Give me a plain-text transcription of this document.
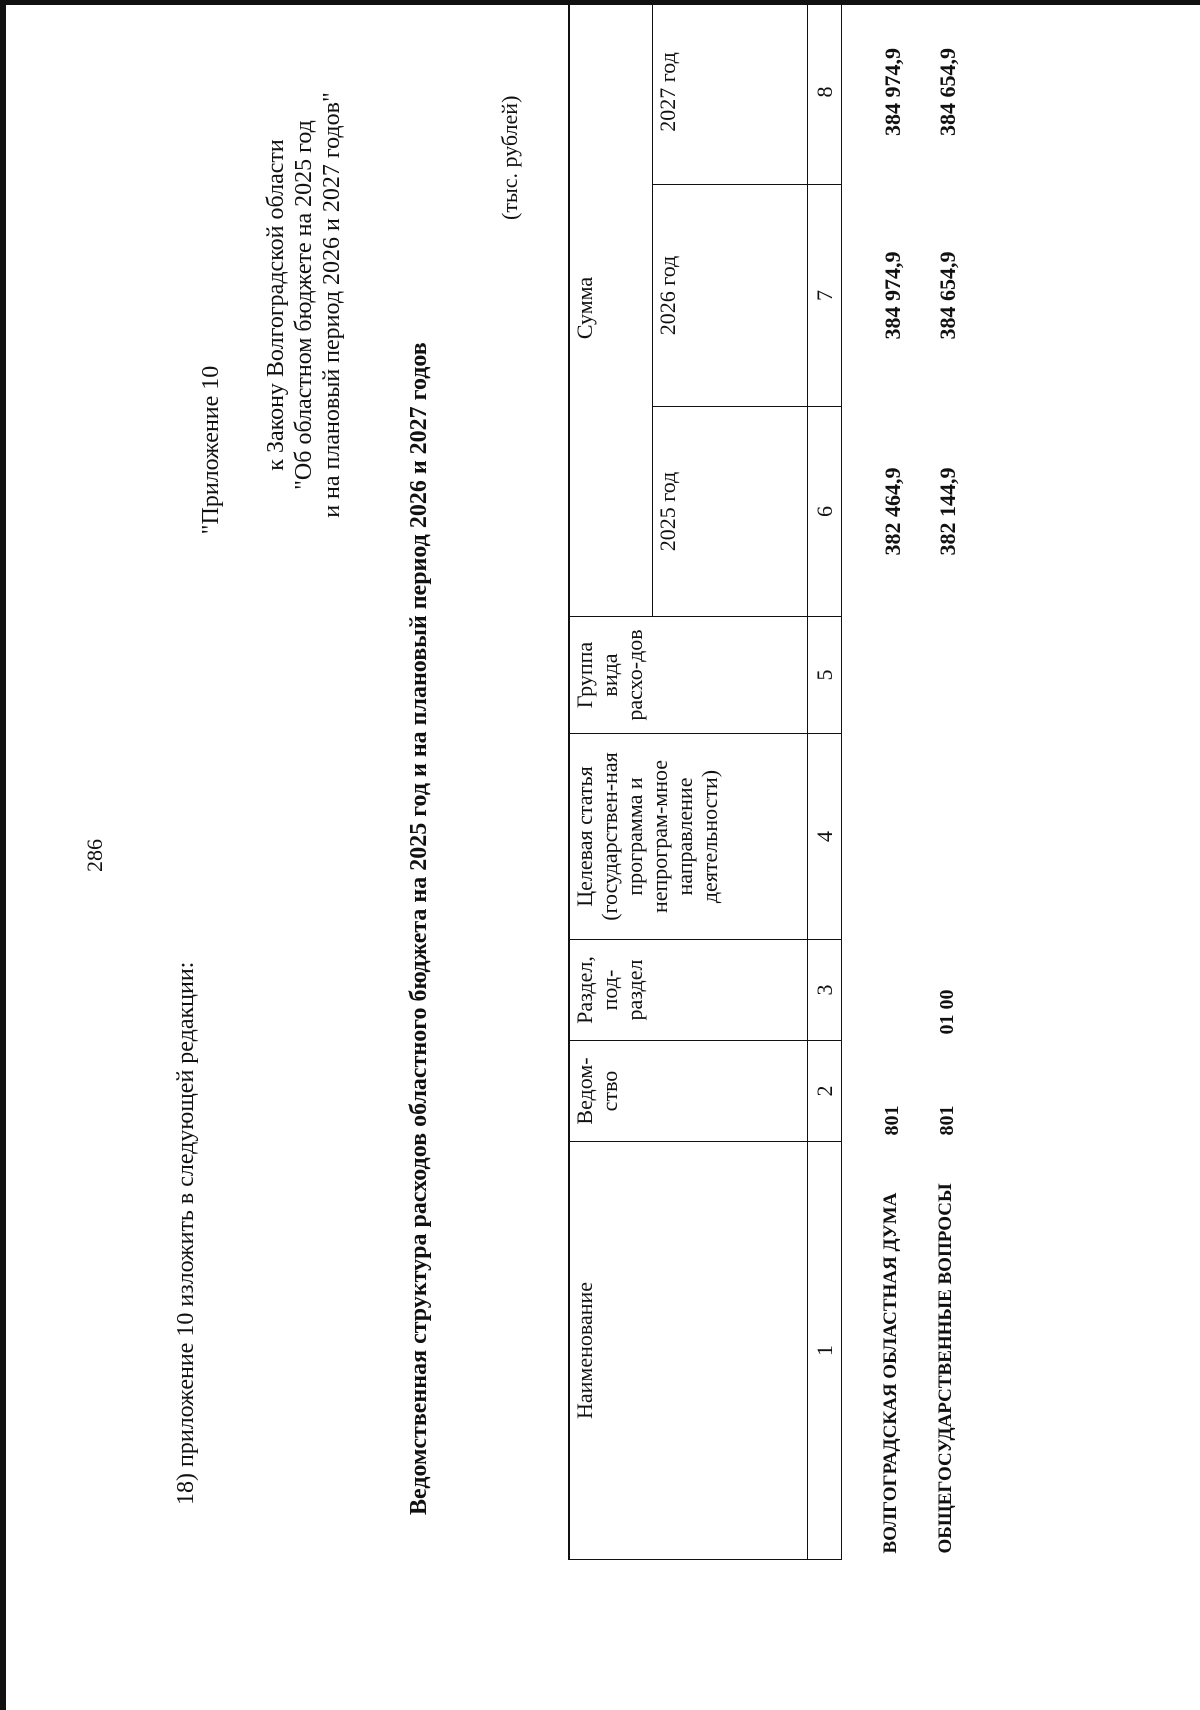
286
18) приложение 10 изложить в следующей редакции:
"Приложение 10 к Закону Волгоградской области "Об областном бюджете на 2025 год и на плановый период 2026 и 2027 годов"
Ведомственная структура расходов областного бюджета на 2025 год и на плановый период 2026 и 2027 годов
(тыс. рублей)
Наименование	Ведом-ство	Раздел, под-раздел	Целевая статья (государствен-ная программа и непрограм-мное направление деятельности)	Группа вида расхо-дов	Сумма		
					2025 год	2026 год	2027 год
1	2	3	4	5	6	7	8
ВОЛГОГРАДСКАЯ ОБЛАСТНАЯ ДУМА	801				382 464,9	384 974,9	384 974,9
ОБЩЕГОСУДАРСТВЕННЫЕ ВОПРОСЫ	801	01 00			382 144,9	384 654,9	384 654,9
